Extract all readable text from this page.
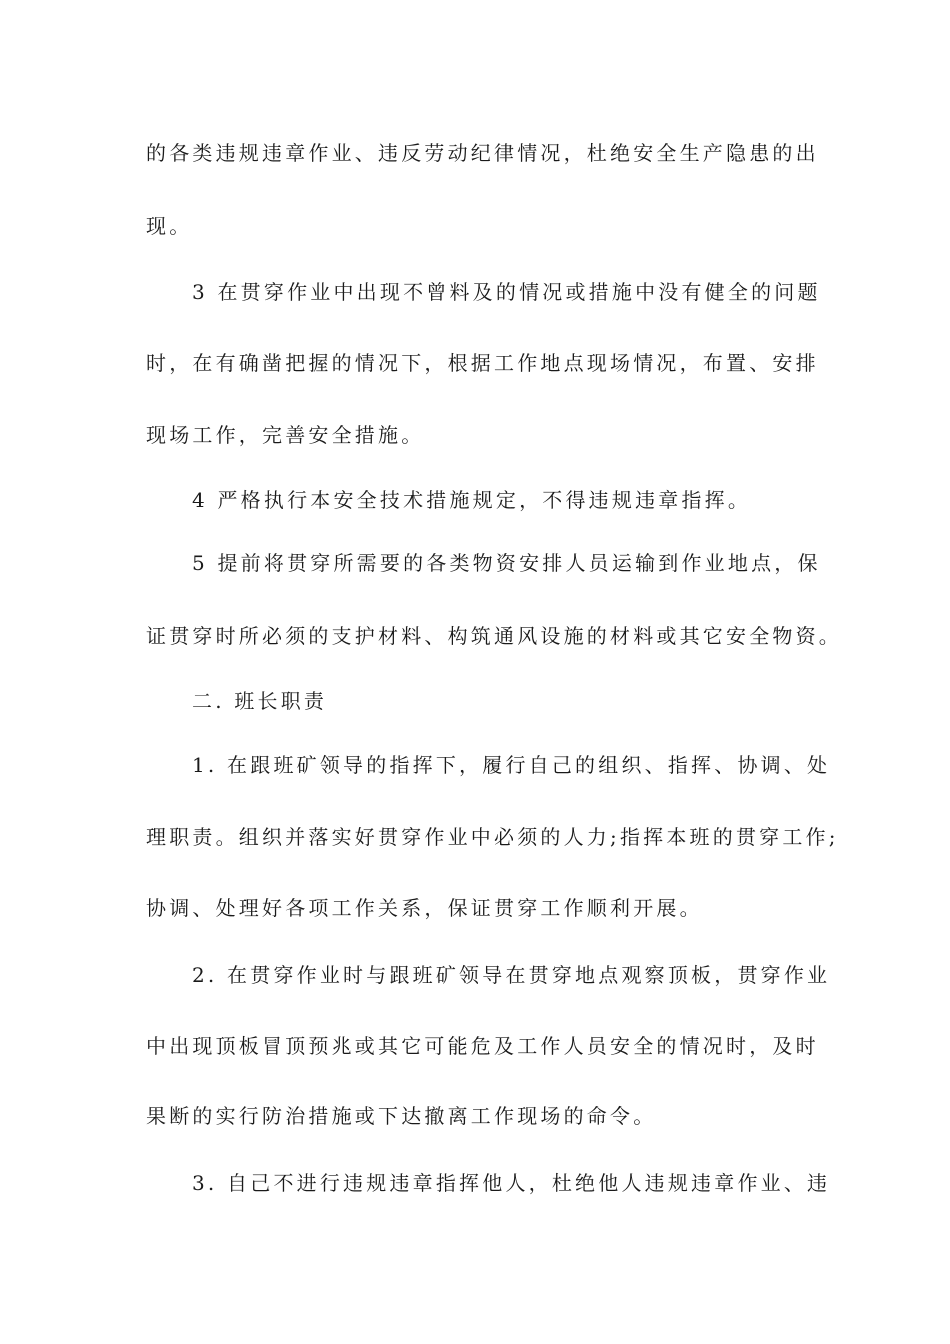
的各类违规违章作业、违反劳动纪律情况，杜绝安全生产隐患的出
现。
3 在贯穿作业中出现不曾料及的情况或措施中没有健全的问题
时，在有确凿把握的情况下，根据工作地点现场情况，布置、安排
现场工作，完善安全措施。
4 严格执行本安全技术措施规定，不得违规违章指挥。
5 提前将贯穿所需要的各类物资安排人员运输到作业地点，保
证贯穿时所必须的支护材料、构筑通风设施的材料或其它安全物资。
二. 班长职责
1. 在跟班矿领导的指挥下，履行自己的组织、指挥、协调、处
理职责。组织并落实好贯穿作业中必须的人力;指挥本班的贯穿工作;
协调、处理好各项工作关系，保证贯穿工作顺利开展。
2. 在贯穿作业时与跟班矿领导在贯穿地点观察顶板，贯穿作业
中出现顶板冒顶预兆或其它可能危及工作人员安全的情况时，及时
果断的实行防治措施或下达撤离工作现场的命令。
3. 自己不进行违规违章指挥他人，杜绝他人违规违章作业、违
